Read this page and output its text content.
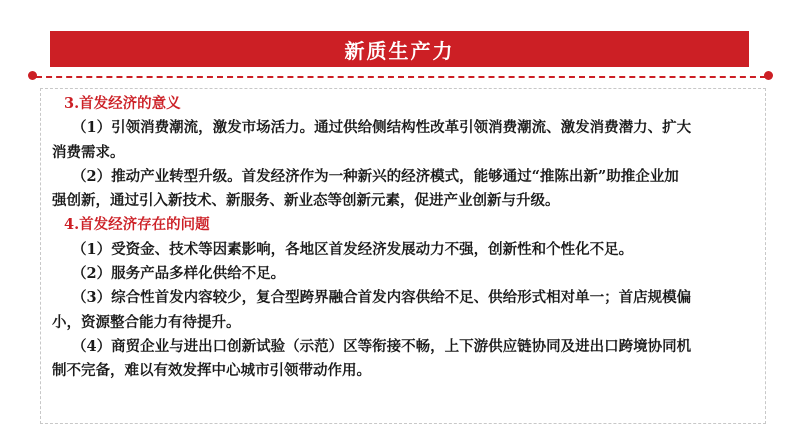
新质生产力
3.首发经济的意义
（1）引领消费潮流，激发市场活力。通过供给侧结构性改革引领消费潮流、激发消费潜力、扩大
消费需求。
（2）推动产业转型升级。首发经济作为一种新兴的经济模式，能够通过“推陈出新”助推企业加
强创新，通过引入新技术、新服务、新业态等创新元素，促进产业创新与升级。
4.首发经济存在的问题
（1）受资金、技术等因素影响，各地区首发经济发展动力不强，创新性和个性化不足。
（2）服务产品多样化供给不足。
（3）综合性首发内容较少，复合型跨界融合首发内容供给不足、供给形式相对单一；首店规模偏
小，资源整合能力有待提升。
（4）商贸企业与进出口创新试验（示范）区等衔接不畅，上下游供应链协同及进出口跨境协同机
制不完备，难以有效发挥中心城市引领带动作用。
